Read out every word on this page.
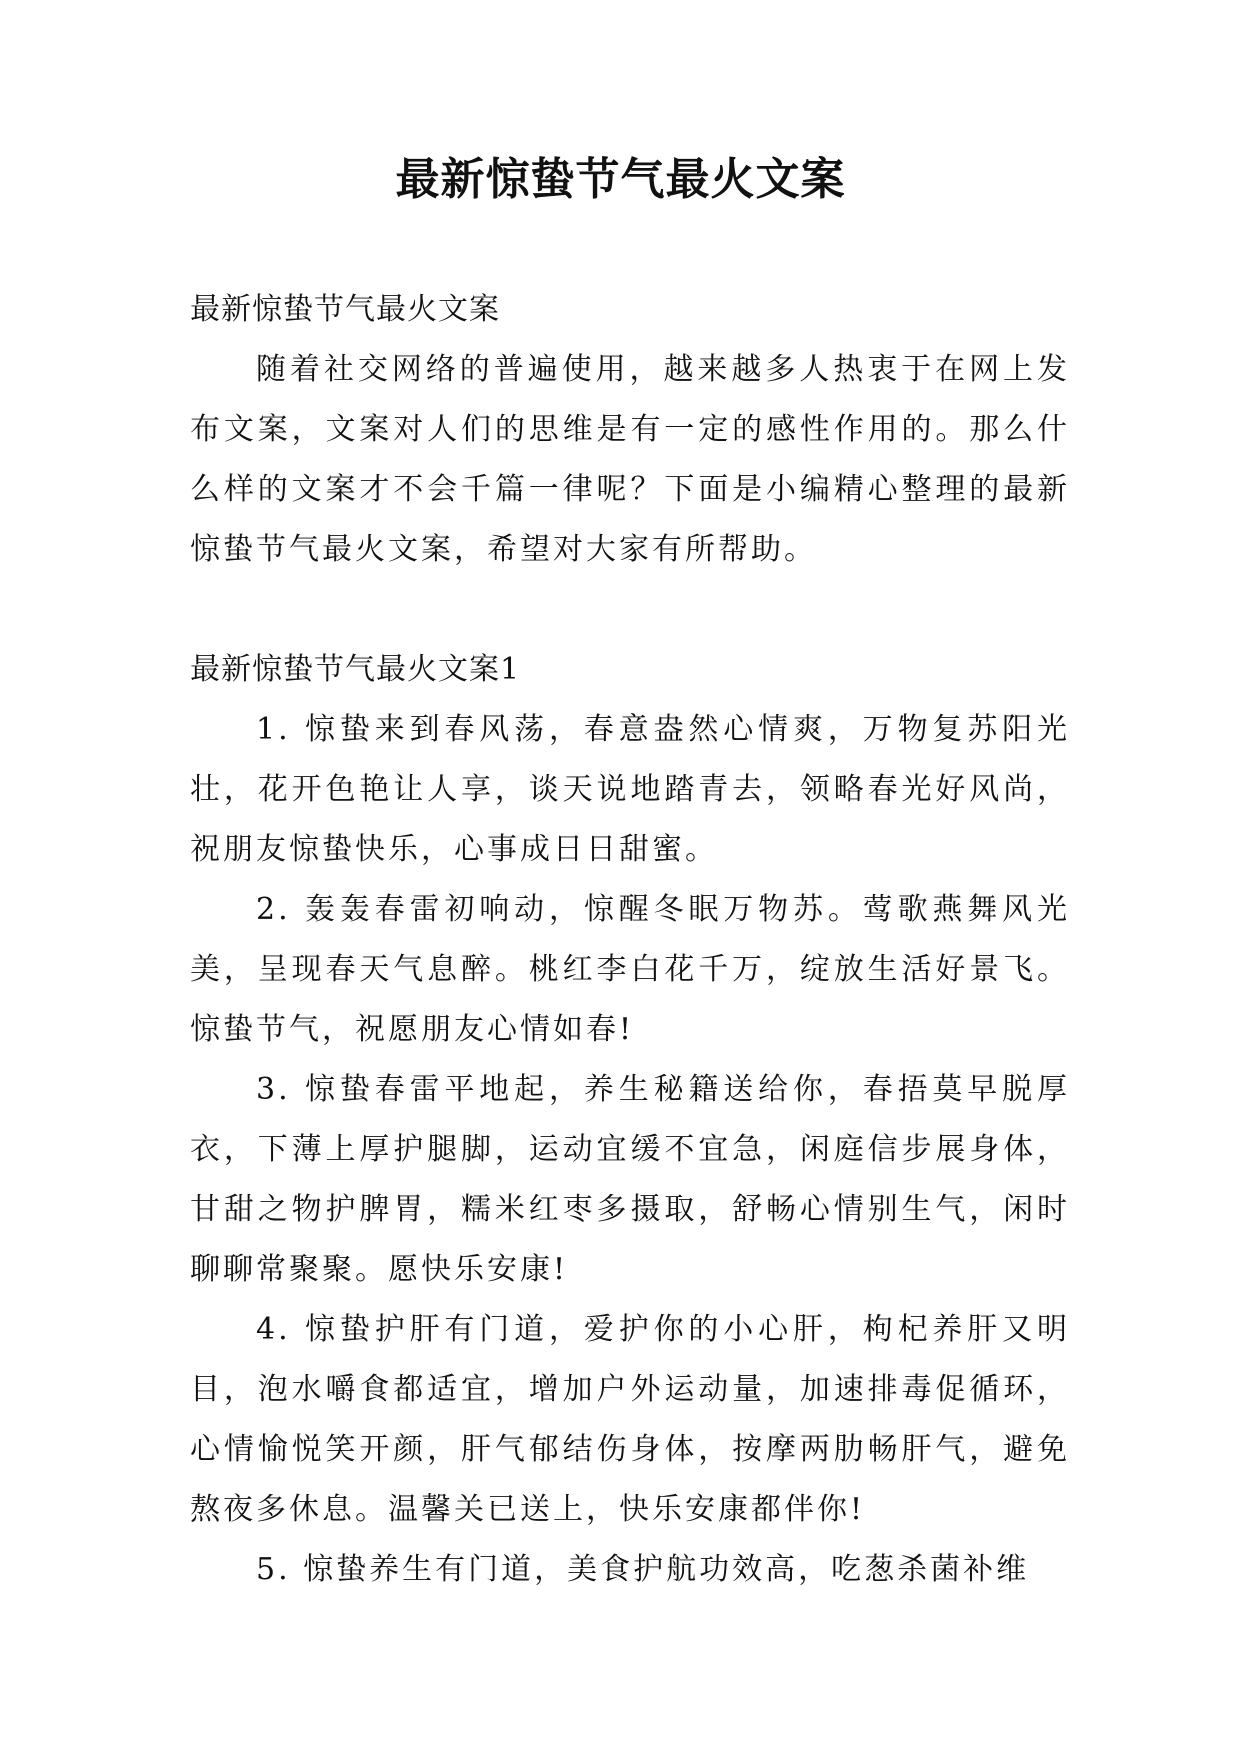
最新惊蛰节气最火文案

最新惊蛰节气最火文案

随着社交网络的普遍使用，越来越多人热衷于在网上发布文案，文案对人们的思维是有一定的感性作用的。那么什么样的文案才不会千篇一律呢？下面是小编精心整理的最新惊蛰节气最火文案，希望对大家有所帮助。

最新惊蛰节气最火文案1

1. 惊蛰来到春风荡，春意盎然心情爽，万物复苏阳光壮，花开色艳让人享，谈天说地踏青去，领略春光好风尚，祝朋友惊蛰快乐，心事成日日甜蜜。

2. 轰轰春雷初响动，惊醒冬眠万物苏。莺歌燕舞风光美，呈现春天气息醉。桃红李白花千万，绽放生活好景飞。惊蛰节气，祝愿朋友心情如春!

3. 惊蛰春雷平地起，养生秘籍送给你，春捂莫早脱厚衣，下薄上厚护腿脚，运动宜缓不宜急，闲庭信步展身体，甘甜之物护脾胃，糯米红枣多摄取，舒畅心情别生气，闲时聊聊常聚聚。愿快乐安康!

4. 惊蛰护肝有门道，爱护你的小心肝，枸杞养肝又明目，泡水嚼食都适宜，增加户外运动量，加速排毒促循环，心情愉悦笑开颜，肝气郁结伤身体，按摩两肋畅肝气，避免熬夜多休息。温馨关已送上，快乐安康都伴你!

5. 惊蛰养生有门道，美食护航功效高，吃葱杀菌补维
